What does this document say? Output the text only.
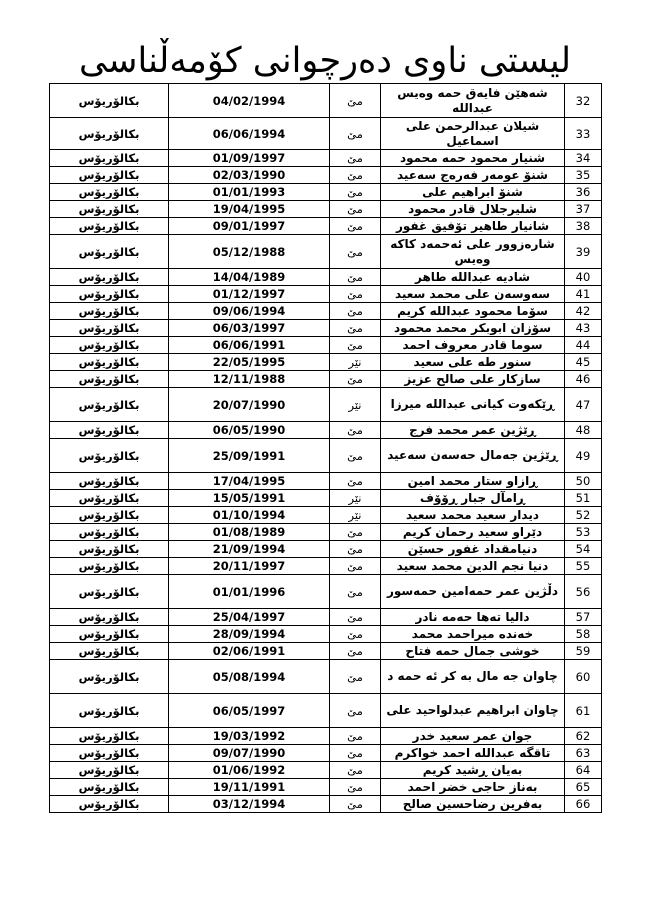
ليستی ناوی دەرچوانی كۆمەڵناسی
بكالۆریۆس	04/02/1994	مێ	شەهێن فایەق حمە وەیس عبدالله	32
بكالۆریۆس	06/06/1994	مێ	شیلان عبدالرحمن علی اسماعیل	33
بكالۆریۆس	01/09/1997	مێ	شنیار محمود حمه محمود	34
بكالۆریۆس	02/03/1990	مێ	شنۆ عومەر فەرەج سەعید	35
بكالۆریۆس	01/01/1993	مێ	شنۆ ابراهیم علی	36
بكالۆریۆس	19/04/1995	مێ	شلیرجلال قادر محمود	37
بكالۆریۆس	09/01/1997	مێ	شانیار طاهیر تۆفیق غفور	38
بكالۆریۆس	05/12/1988	مێ	شارەزوور علی ئەحمەد كاكە وەیس	39
بكالۆریۆس	14/04/1989	مێ	شادیە عبدالله طاهر	40
بكالۆریۆس	01/12/1997	مێ	سەوسەن علی محمد سعید	41
بكالۆریۆس	09/06/1994	مێ	سۆما محمود عبدالله كریم	42
بكالۆریۆس	06/03/1997	مێ	سۆزان ابوبكر محمد محمود	43
بكالۆریۆس	06/06/1991	مێ	سوما قادر معروف احمد	44
بكالۆریۆس	22/05/1995	نێر	سنور طه علی سعید	45
بكالۆریۆس	12/11/1988	مێ	سازكار علی صالح عزیز	46
بكالۆریۆس	20/07/1990	نێر	ڕێكەوت كیانی عبدالله میرزا	47
بكالۆریۆس	06/05/1990	مێ	ڕێژین عمر محمد فرج	48
بكالۆریۆس	25/09/1991	مێ	ڕێژین جەمال حەسەن سەعید	49
بكالۆریۆس	17/04/1995	مێ	ڕازاو ستار محمد امین	50
بكالۆریۆس	15/05/1991	نێر	ڕامآل جبار ڕۆۆف	51
بكالۆریۆس	01/10/1994	نێر	دیدار سعید محمد سعید	52
بكالۆریۆس	01/08/1989	مێ	دێراو سعید رحمان كریم	53
بكالۆریۆس	21/09/1994	مێ	دنیامقداد غفور حسێن	54
بكالۆریۆس	20/11/1997	مێ	دنیا نجم الدین محمد سعید	55
بكالۆریۆس	01/01/1996	مێ	دڵژین عمر حمەامین حمەسور	56
بكالۆریۆس	25/04/1997	مێ	دالیا تەها حەمە نادر	57
بكالۆریۆس	28/09/1994	مێ	خەندە میراحمد محمد	58
بكالۆریۆس	02/06/1991	مێ	خوشی جمال حمە فتاح	59
بكالۆریۆس	05/08/1994	مێ	چاوان جه مال به كر ئه حمه د	60
بكالۆریۆس	06/05/1997	مێ	چاوان ابراهیم عبدلواحید علی	61
بكالۆریۆس	19/03/1992	مێ	جوان عمر سعید خدر	62
بكالۆریۆس	09/07/1990	مێ	تاقگە عبدالله احمد خواكرم	63
بكالۆریۆس	01/06/1992	مێ	بەیان ڕشید كریم	64
بكالۆریۆس	19/11/1991	مێ	بەناز حاجی خضر احمد	65
بكالۆریۆس	03/12/1994	مێ	بەفرین رضاحسین صالح	66
